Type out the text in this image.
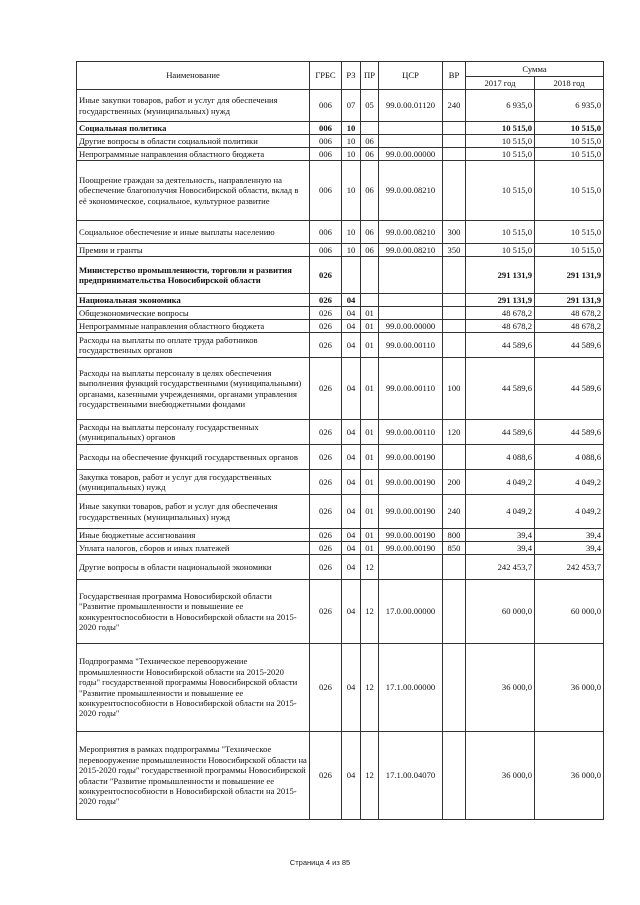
Наименование	ГРБС	РЗ	ПР	ЦСР	ВР	Сумма	
						2017 год	2018 год
Иные закупки товаров, работ и услуг для обеспечения государственных (муниципальных) нужд	006	07	05	99.0.00.01120	240	6 935,0	6 935,0
Социальная политика	006	10				10 515,0	10 515,0
Другие вопросы в области социальной политики	006	10	06			10 515,0	10 515,0
Непрограммные направления областного бюджета	006	10	06	99.0.00.00000		10 515,0	10 515,0
Поощрение граждан за деятельность, направленную на обеспечение благополучия Новосибирской области, вклад в её экономическое, социальное, культурное развитие	006	10	06	99.0.00.08210		10 515,0	10 515,0
Социальное обеспечение и иные выплаты населению	006	10	06	99.0.00.08210	300	10 515,0	10 515,0
Премии и гранты	006	10	06	99.0.00.08210	350	10 515,0	10 515,0
Министерство промышленности, торговли и развития предпринимательства Новосибирской области	026					291 131,9	291 131,9
Национальная экономика	026	04				291 131,9	291 131,9
Общеэкономические вопросы	026	04	01			48 678,2	48 678,2
Непрограммные направления областного бюджета	026	04	01	99.0.00.00000		48 678,2	48 678,2
Расходы на выплаты по оплате труда работников государственных органов	026	04	01	99.0.00.00110		44 589,6	44 589,6
Расходы на выплаты персоналу в целях обеспечения выполнения функций государственными (муниципальными) органами, казенными учреждениями, органами управления государственными внебюджетными фондами	026	04	01	99.0.00.00110	100	44 589,6	44 589,6
Расходы на выплаты персоналу государственных (муниципальных) органов	026	04	01	99.0.00.00110	120	44 589,6	44 589,6
Расходы на обеспечение функций государственных органов	026	04	01	99.0.00.00190		4 088,6	4 088,6
Закупка товаров, работ и услуг для государственных (муниципальных) нужд	026	04	01	99.0.00.00190	200	4 049,2	4 049,2
Иные закупки товаров, работ и услуг для обеспечения государственных (муниципальных) нужд	026	04	01	99.0.00.00190	240	4 049,2	4 049,2
Иные бюджетные ассигнования	026	04	01	99.0.00.00190	800	39,4	39,4
Уплата налогов, сборов и иных платежей	026	04	01	99.0.00.00190	850	39,4	39,4
Другие вопросы в области национальной экономики	026	04	12			242 453,7	242 453,7
Государственная программа Новосибирской области "Развитие промышленности и повышение ее конкурентоспособности в Новосибирской области на 2015-2020 годы"	026	04	12	17.0.00.00000		60 000,0	60 000,0
Подпрограмма "Техническое перевооружение промышленности Новосибирской области на 2015-2020 годы" государственной программы Новосибирской области "Развитие промышленности и повышение ее конкурентоспособности в Новосибирской области на 2015-2020 годы"	026	04	12	17.1.00.00000		36 000,0	36 000,0
Мероприятия в рамках подпрограммы "Техническое перевооружение промышленности Новосибирской области на 2015-2020 годы" государственной программы Новосибирской области "Развитие промышленности и повышение ее конкурентоспособности в Новосибирской области на 2015-2020 годы"	026	04	12	17.1.00.04070		36 000,0	36 000,0
Страница 4 из 85
